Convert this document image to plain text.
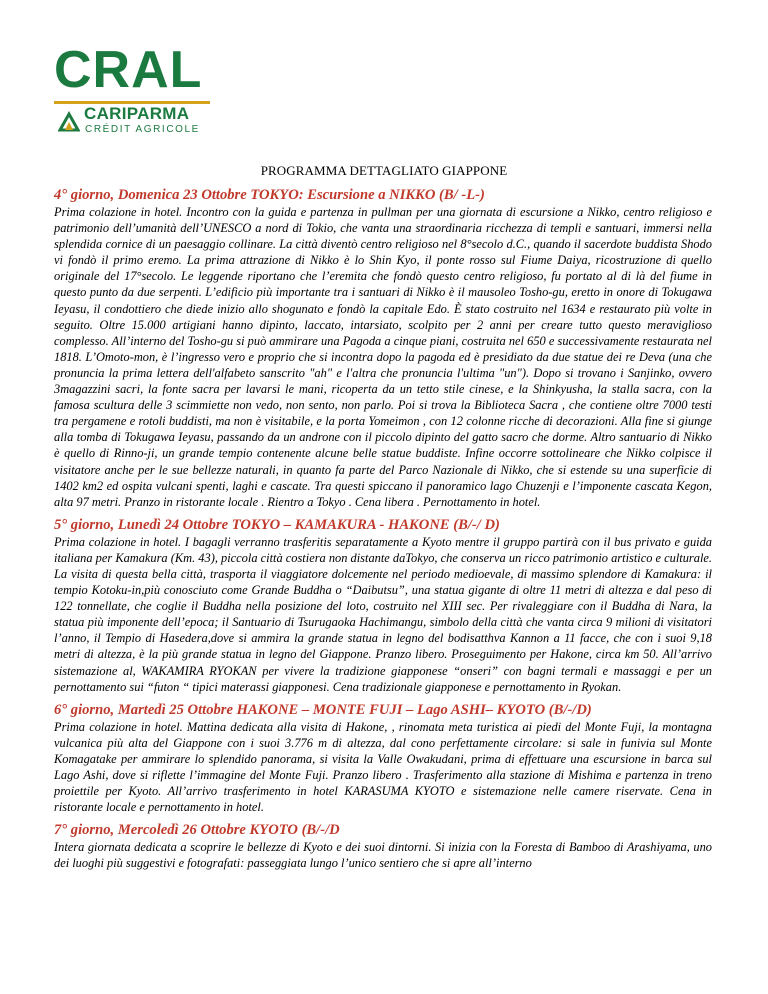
CRAL
CARIPARMA
CRÉDIT AGRICOLE
PROGRAMMA DETTAGLIATO GIAPPONE
4° giorno, Domenica 23 Ottobre TOKYO: Escursione a NIKKO (B/ -L-)

Prima colazione in hotel. Incontro con la guida e partenza in pullman per una giornata di escursione a Nikko, centro religioso e patrimonio dell’umanità dell’UNESCO a nord di Tokio, che vanta una straordinaria ricchezza di templi e santuari, immersi nella splendida cornice di un paesaggio collinare. La città diventò centro religioso nel 8°secolo d.C., quando il sacerdote buddista Shodo vi fondò il primo eremo. La prima attrazione di Nikko è lo Shin Kyo, il ponte rosso sul Fiume Daiya, ricostruzione di quello originale del 17°secolo. Le leggende riportano che l’eremita che fondò questo centro religioso, fu portato al di là del fiume in questo punto da due serpenti. L’edificio più importante tra i santuari di Nikko è il mausoleo Tosho-gu, eretto in onore di Tokugawa Ieyasu, il condottiero che diede inizio allo shogunato e fondò la capitale Edo. È stato costruito nel 1634 e restaurato più volte in seguito. Oltre 15.000 artigiani hanno dipinto, laccato, intarsiato, scolpito per 2 anni per creare tutto questo meraviglioso complesso. All’interno del Tosho-gu si può ammirare una Pagoda a cinque piani, costruita nel 650 e successivamente restaurata nel 1818. L’Omoto-mon, è l’ingresso vero e proprio che si incontra dopo la pagoda ed è presidiato da due statue dei re Deva (una che pronuncia la prima lettera dell'alfabeto sanscrito "ah" e l'altra che pronuncia l'ultima "un"). Dopo si trovano i Sanjinko, ovvero 3magazzini sacri, la fonte sacra per lavarsi le mani, ricoperta da un tetto stile cinese, e la Shinkyusha, la stalla sacra, con la famosa scultura delle 3 scimmiette non vedo, non sento, non parlo. Poi si trova la Biblioteca Sacra , che contiene oltre 7000 testi tra pergamene e rotoli buddisti, ma non è visitabile, e la porta Yomeimon , con 12 colonne ricche di decorazioni. Alla fine si giunge alla tomba di Tokugawa Ieyasu, passando da un androne con il piccolo dipinto del gatto sacro che dorme. Altro santuario di Nikko è quello di Rinno-ji, un grande tempio contenente alcune belle statue buddiste. Infine occorre sottolineare che Nikko colpisce il visitatore anche per le sue bellezze naturali, in quanto fa parte del Parco Nazionale di Nikko, che si estende su una superficie di 1402 km2 ed ospita vulcani spenti, laghi e cascate. Tra questi spiccano il panoramico lago Chuzenji e l’imponente cascata Kegon, alta 97 metri. Pranzo in ristorante locale . Rientro a Tokyo . Cena libera . Pernottamento in hotel.

5° giorno, Lunedì 24 Ottobre TOKYO – KAMAKURA - HAKONE (B/-/ D)

Prima colazione in hotel. I bagagli verranno trasferitis separatamente a Kyoto mentre il gruppo partirà con il bus privato e guida italiana per Kamakura (Km. 43), piccola città costiera non distante daTokyo, che conserva un ricco patrimonio artistico e culturale. La visita di questa bella città, trasporta il viaggiatore dolcemente nel periodo medioevale, di massimo splendore di Kamakura: il tempio Kotoku-in,più conosciuto come Grande Buddha o “Daibutsu”, una statua gigante di oltre 11 metri di altezza e dal peso di 122 tonnellate, che coglie il Buddha nella posizione del loto, costruito nel XIII sec. Per rivaleggiare con il Buddha di Nara, la statua più imponente dell’epoca; il Santuario di Tsurugaoka Hachimangu, simbolo della città che vanta circa 9 milioni di visitatori l’anno, il Tempio di Hasedera,dove si ammira la grande statua in legno del bodisatthva Kannon a 11 facce, che con i suoi 9,18 metri di altezza, è la più grande statua in legno del Giappone. Pranzo libero. Proseguimento per Hakone, circa km 50. All’arrivo sistemazione al, WAKAMIRA RYOKAN per vivere la tradizione giapponese “onseri” con bagni termali e massaggi e per un pernottamento sui “futon “ tipici materassi giapponesi. Cena tradizionale giapponese e pernottamento in Ryokan.

6° giorno, Martedì 25 Ottobre HAKONE – MONTE FUJI – Lago ASHI– KYOTO (B/-/D)

Prima colazione in hotel. Mattina dedicata alla visita di Hakone, , rinomata meta turistica ai piedi del Monte Fuji, la montagna vulcanica più alta del Giappone con i suoi 3.776 m di altezza, dal cono perfettamente circolare: si sale in funivia sul Monte Komagatake per ammirare lo splendido panorama, si visita la Valle Owakudani, prima di effettuare una escursione in barca sul Lago Ashi, dove si riflette l’immagine del Monte Fuji. Pranzo libero . Trasferimento alla stazione di Mishima e partenza in treno proiettile per Kyoto. All’arrivo trasferimento in hotel KARASUMA KYOTO e sistemazione nelle camere riservate. Cena in ristorante locale e pernottamento in hotel.

7° giorno, Mercoledì 26 Ottobre KYOTO (B/-/D

Intera giornata dedicata a scoprire le bellezze di Kyoto e dei suoi dintorni. Si inizia con la Foresta di Bamboo di Arashiyama, uno dei luoghi più suggestivi e fotografati: passeggiata lungo l’unico sentiero che si apre all’interno
